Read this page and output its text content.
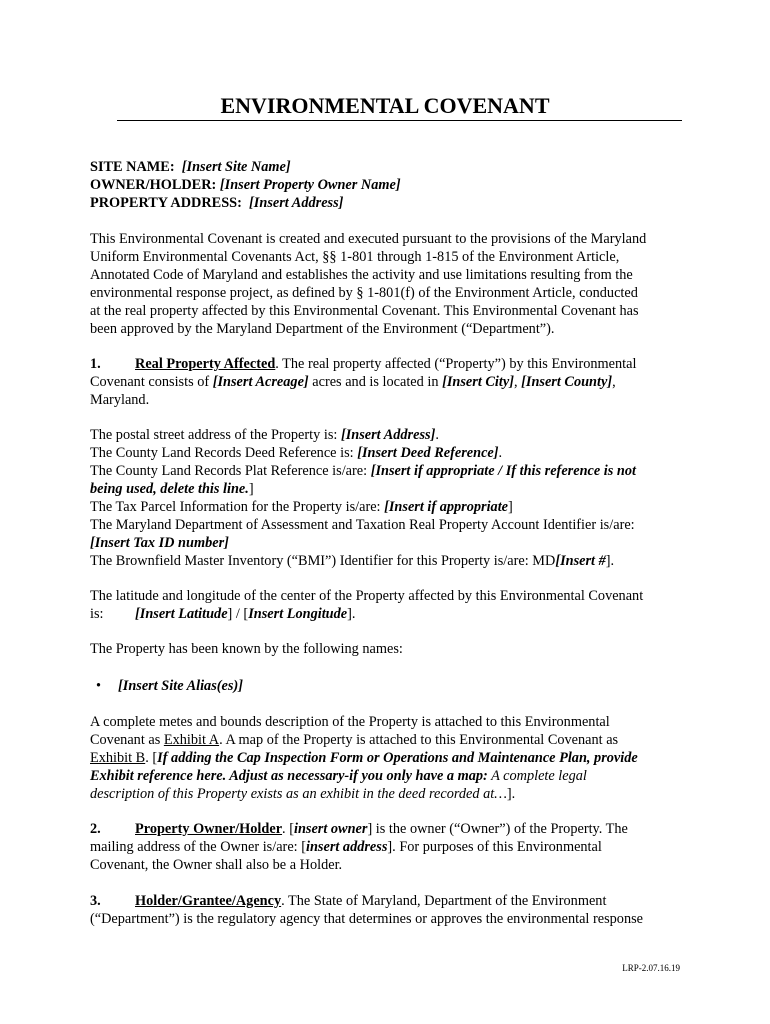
ENVIRONMENTAL COVENANT
SITE NAME: [Insert Site Name]
OWNER/HOLDER: [Insert Property Owner Name]
PROPERTY ADDRESS: [Insert Address]
This Environmental Covenant is created and executed pursuant to the provisions of the Maryland
Uniform Environmental Covenants Act, §§ 1-801 through 1-815 of the Environment Article,
Annotated Code of Maryland and establishes the activity and use limitations resulting from the
environmental response project, as defined by § 1-801(f) of the Environment Article, conducted
at the real property affected by this Environmental Covenant. This Environmental Covenant has
been approved by the Maryland Department of the Environment (“Department”).
1. Real Property Affected. The real property affected (“Property”) by this Environmental
Covenant consists of [Insert Acreage] acres and is located in [Insert City], [Insert County],
Maryland.
The postal street address of the Property is: [Insert Address].
The County Land Records Deed Reference is: [Insert Deed Reference].
The County Land Records Plat Reference is/are: [Insert if appropriate / If this reference is not
being used, delete this line.]
The Tax Parcel Information for the Property is/are: [Insert if appropriate]
The Maryland Department of Assessment and Taxation Real Property Account Identifier is/are:
[Insert Tax ID number]
The Brownfield Master Inventory (“BMI”) Identifier for this Property is/are: MD[Insert #].
The latitude and longitude of the center of the Property affected by this Environmental Covenant
is: [Insert Latitude] / [Insert Longitude].
The Property has been known by the following names:
• [Insert Site Alias(es)]
A complete metes and bounds description of the Property is attached to this Environmental
Covenant as Exhibit A. A map of the Property is attached to this Environmental Covenant as
Exhibit B. [If adding the Cap Inspection Form or Operations and Maintenance Plan, provide
Exhibit reference here. Adjust as necessary-if you only have a map: A complete legal
description of this Property exists as an exhibit in the deed recorded at…].
2. Property Owner/Holder. [insert owner] is the owner (“Owner”) of the Property. The
mailing address of the Owner is/are: [insert address]. For purposes of this Environmental
Covenant, the Owner shall also be a Holder.
3. Holder/Grantee/Agency. The State of Maryland, Department of the Environment
(“Department”) is the regulatory agency that determines or approves the environmental response
LRP-2.07.16.19
